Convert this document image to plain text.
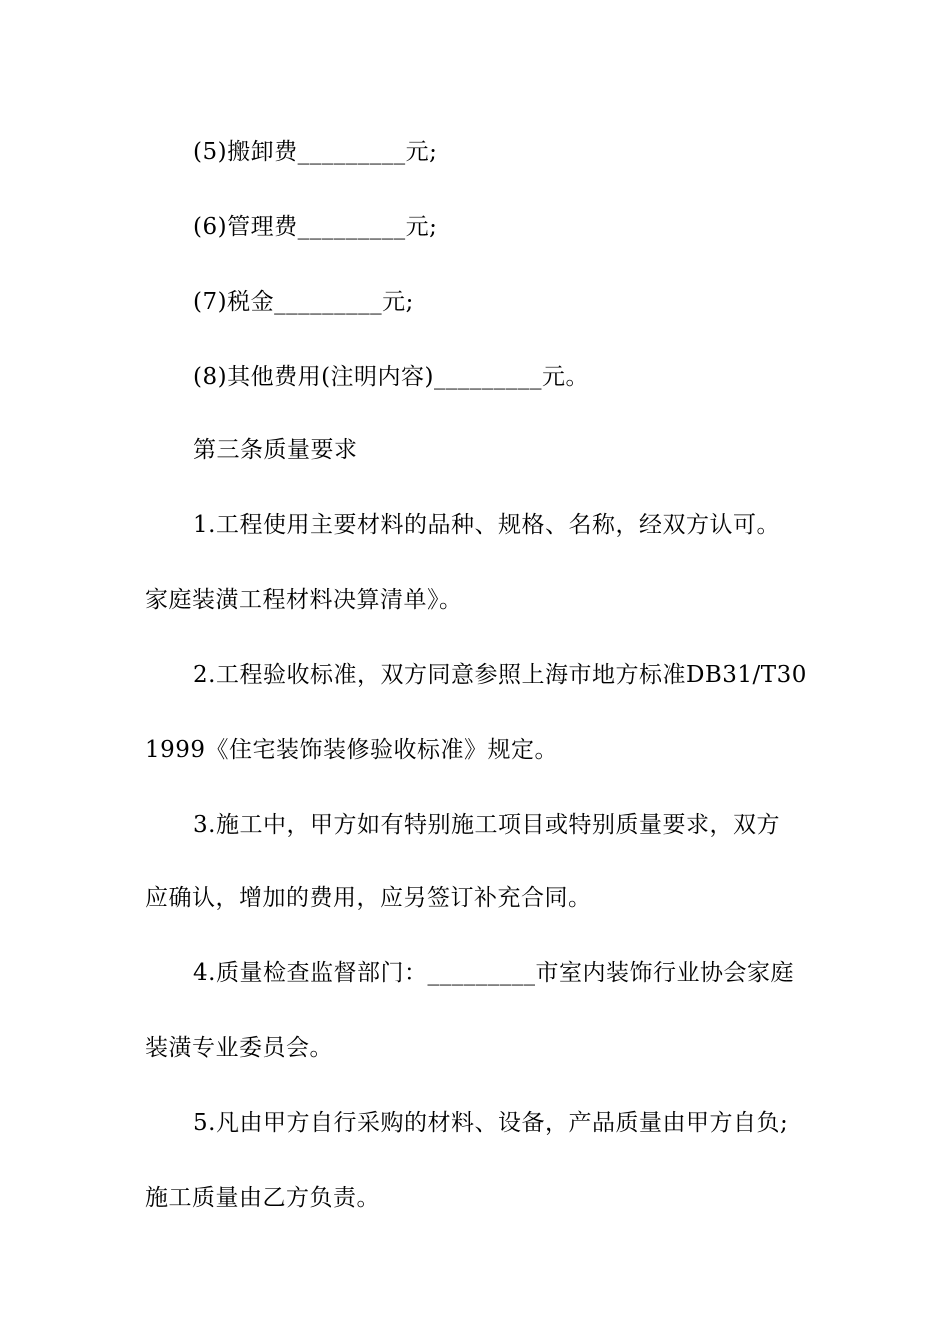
(5)搬卸费_________元;
(6)管理费_________元;
(7)税金_________元;
(8)其他费用(注明内容)_________元。
第三条质量要求
1.工程使用主要材料的品种、规格、名称，经双方认可。
家庭装潢工程材料决算清单》。
2.工程验收标准，双方同意参照上海市地方标准DB31/T30
1999《住宅装饰装修验收标准》规定。
3.施工中，甲方如有特别施工项目或特别质量要求，双方
应确认，增加的费用，应另签订补充合同。
4.质量检查监督部门：_________市室内装饰行业协会家庭
装潢专业委员会。
5.凡由甲方自行采购的材料、设备，产品质量由甲方自负;
施工质量由乙方负责。
